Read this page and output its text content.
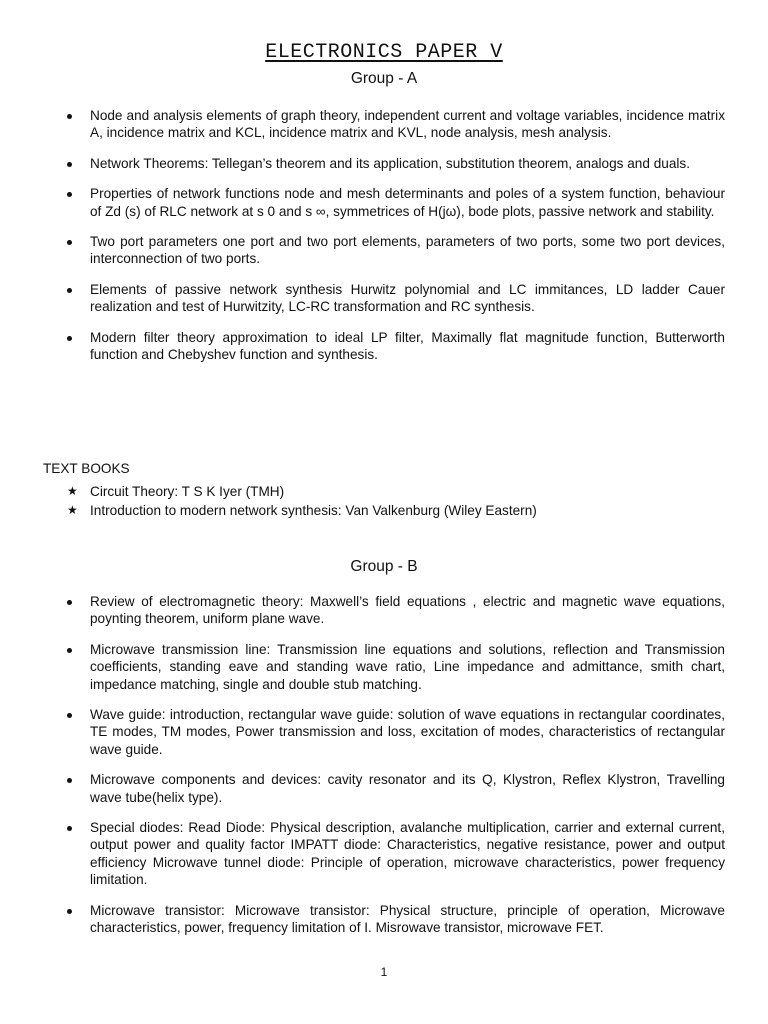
ELECTRONICS PAPER V
Group - A
Node and analysis elements of graph theory, independent current and voltage variables, incidence matrix A, incidence matrix and KCL, incidence matrix and KVL, node analysis, mesh analysis.
Network Theorems: Tellegan’s theorem and its application, substitution theorem, analogs and duals.
Properties of network functions node and mesh determinants and poles of a system function, behaviour of Zd (s) of RLC network at s 0 and s ∞, symmetrices of H(jω), bode plots, passive network and stability.
Two port parameters one port and two port elements, parameters of two ports, some two port devices, interconnection of two ports.
Elements of passive network synthesis Hurwitz polynomial and LC immitances, LD ladder Cauer realization and test of Hurwitzity, LC-RC transformation and RC synthesis.
Modern filter theory approximation to ideal LP filter, Maximally flat magnitude function, Butterworth function and Chebyshev function and synthesis.
TEXT BOOKS
★ Circuit Theory: T S K Iyer (TMH)
★ Introduction to modern network synthesis: Van Valkenburg (Wiley Eastern)
Group - B
Review of electromagnetic theory: Maxwell’s field equations , electric and magnetic wave equations, poynting theorem, uniform plane wave.
Microwave transmission line: Transmission line equations and solutions, reflection and Transmission coefficients, standing eave and standing wave ratio, Line impedance and admittance, smith chart, impedance matching, single and double stub matching.
Wave guide: introduction, rectangular wave guide: solution of wave equations in rectangular coordinates, TE modes, TM modes, Power transmission and loss, excitation of modes, characteristics of rectangular wave guide.
Microwave components and devices: cavity resonator and its Q, Klystron, Reflex Klystron, Travelling wave tube(helix type).
Special diodes: Read Diode: Physical description, avalanche multiplication, carrier and external current, output power and quality factor IMPATT diode: Characteristics, negative resistance, power and output efficiency Microwave tunnel diode: Principle of operation, microwave characteristics, power frequency limitation.
Microwave transistor: Microwave transistor: Physical structure, principle of operation, Microwave characteristics, power, frequency limitation of I. Misrowave transistor, microwave FET.
1
